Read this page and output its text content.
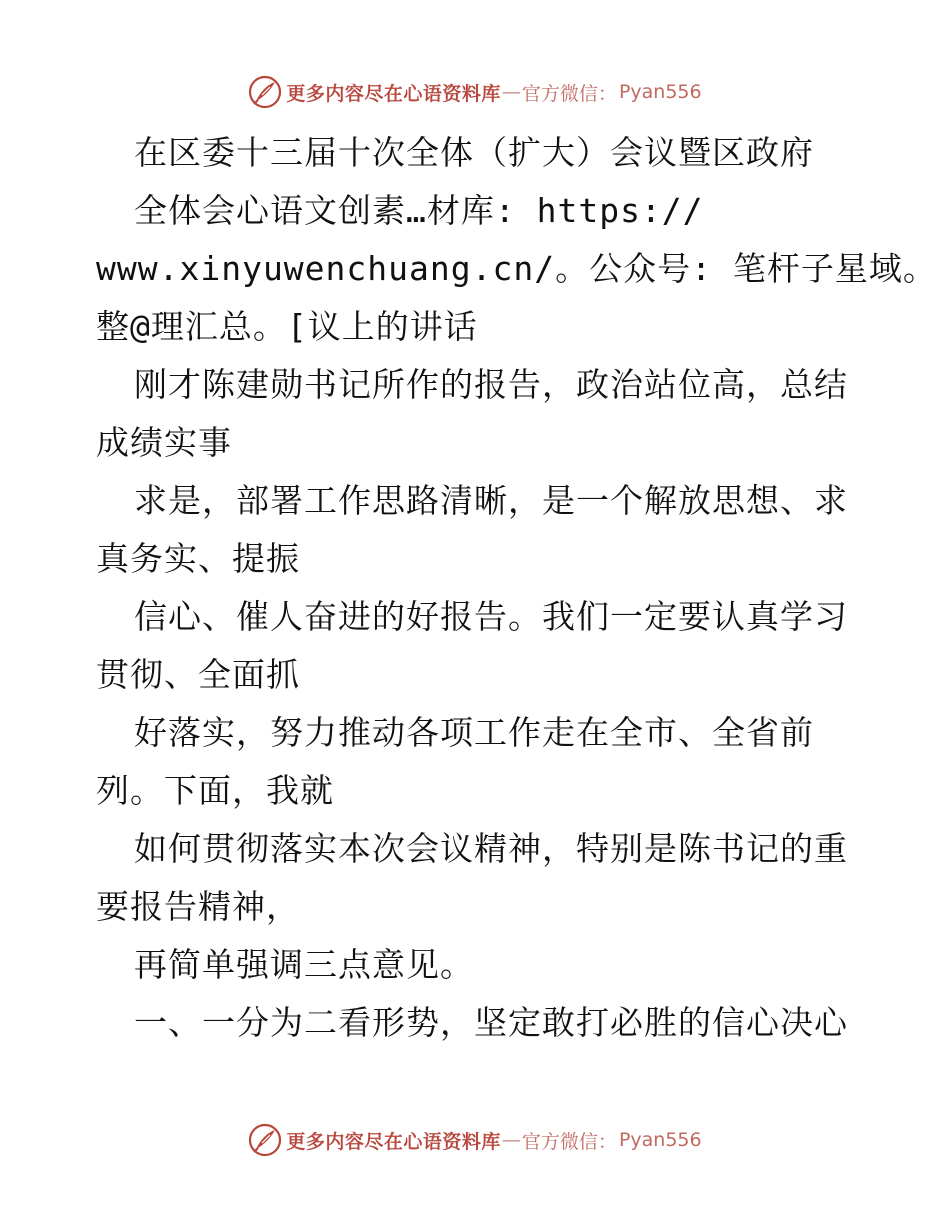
更多内容尽在心语资料库 — 官方微信： Pyan556
在区委十三届十次全体（扩大）会议暨区政府
全体会心语文创素…材库: https://
www.xinyuwenchuang.cn/。公众号: 笔杆子星域。
整@理汇总。[议上的讲话
刚才陈建勋书记所作的报告，政治站位高，总结
成绩实事
求是，部署工作思路清晰，是一个解放思想、求
真务实、提振
信心、催人奋进的好报告。我们一定要认真学习
贯彻、全面抓
好落实，努力推动各项工作走在全市、全省前
列。下面，我就
如何贯彻落实本次会议精神，特别是陈书记的重
要报告精神，
再简单强调三点意见。
一、一分为二看形势，坚定敢打必胜的信心决心
更多内容尽在心语资料库 — 官方微信： Pyan556
